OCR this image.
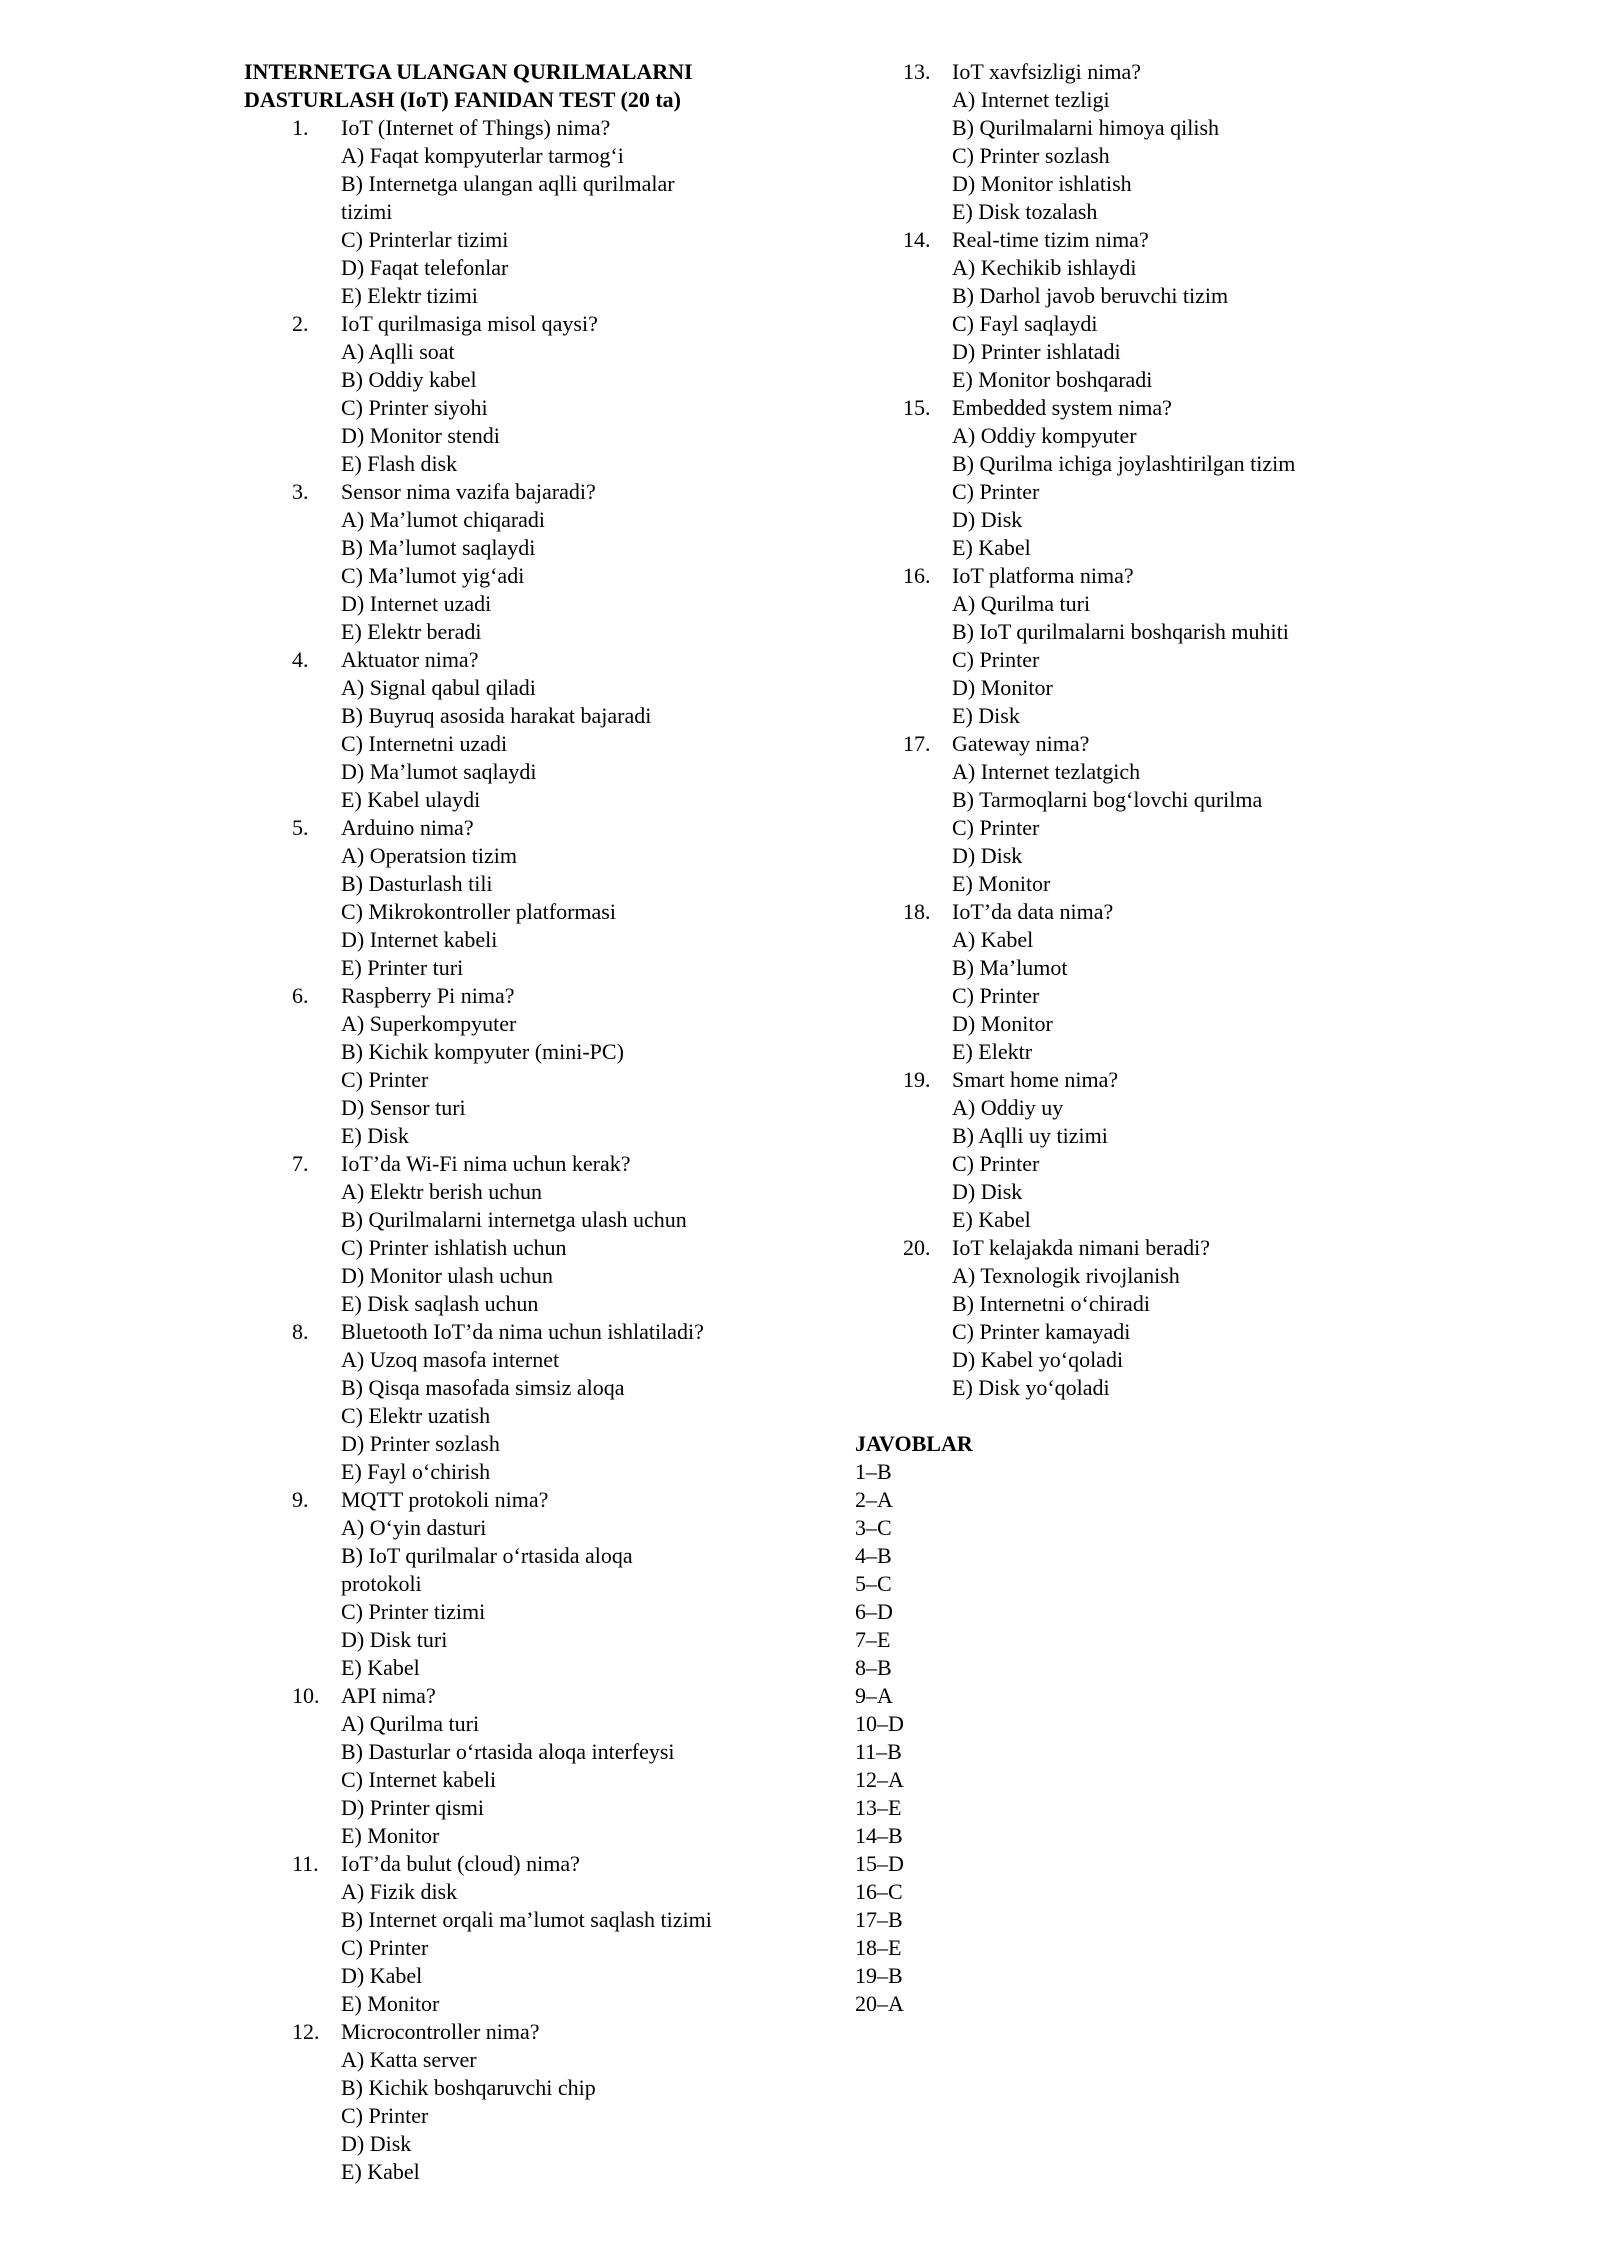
INTERNETGA ULANGAN QURILMALARNI
DASTURLASH (IoT) FANIDAN TEST (20 ta)
1. IoT (Internet of Things) nima?
A) Faqat kompyuterlar tarmog‘i
B) Internetga ulangan aqlli qurilmalar
tizimi
C) Printerlar tizimi
D) Faqat telefonlar
E) Elektr tizimi
2. IoT qurilmasiga misol qaysi?
A) Aqlli soat
B) Oddiy kabel
C) Printer siyohi
D) Monitor stendi
E) Flash disk
3. Sensor nima vazifa bajaradi?
A) Ma’lumot chiqaradi
B) Ma’lumot saqlaydi
C) Ma’lumot yig‘adi
D) Internet uzadi
E) Elektr beradi
4. Aktuator nima?
A) Signal qabul qiladi
B) Buyruq asosida harakat bajaradi
C) Internetni uzadi
D) Ma’lumot saqlaydi
E) Kabel ulaydi
5. Arduino nima?
A) Operatsion tizim
B) Dasturlash tili
C) Mikrokontroller platformasi
D) Internet kabeli
E) Printer turi
6. Raspberry Pi nima?
A) Superkompyuter
B) Kichik kompyuter (mini-PC)
C) Printer
D) Sensor turi
E) Disk
7. IoT’da Wi-Fi nima uchun kerak?
A) Elektr berish uchun
B) Qurilmalarni internetga ulash uchun
C) Printer ishlatish uchun
D) Monitor ulash uchun
E) Disk saqlash uchun
8. Bluetooth IoT’da nima uchun ishlatiladi?
A) Uzoq masofa internet
B) Qisqa masofada simsiz aloqa
C) Elektr uzatish
D) Printer sozlash
E) Fayl o‘chirish
9. MQTT protokoli nima?
A) O‘yin dasturi
B) IoT qurilmalar o‘rtasida aloqa
protokoli
C) Printer tizimi
D) Disk turi
E) Kabel
10. API nima?
A) Qurilma turi
B) Dasturlar o‘rtasida aloqa interfeysi
C) Internet kabeli
D) Printer qismi
E) Monitor
11. IoT’da bulut (cloud) nima?
A) Fizik disk
B) Internet orqali ma’lumot saqlash tizimi
C) Printer
D) Kabel
E) Monitor
12. Microcontroller nima?
A) Katta server
B) Kichik boshqaruvchi chip
C) Printer
D) Disk
E) Kabel
13. IoT xavfsizligi nima?
A) Internet tezligi
B) Qurilmalarni himoya qilish
C) Printer sozlash
D) Monitor ishlatish
E) Disk tozalash
14. Real-time tizim nima?
A) Kechikib ishlaydi
B) Darhol javob beruvchi tizim
C) Fayl saqlaydi
D) Printer ishlatadi
E) Monitor boshqaradi
15. Embedded system nima?
A) Oddiy kompyuter
B) Qurilma ichiga joylashtirilgan tizim
C) Printer
D) Disk
E) Kabel
16. IoT platforma nima?
A) Qurilma turi
B) IoT qurilmalarni boshqarish muhiti
C) Printer
D) Monitor
E) Disk
17. Gateway nima?
A) Internet tezlatgich
B) Tarmoqlarni bog‘lovchi qurilma
C) Printer
D) Disk
E) Monitor
18. IoT’da data nima?
A) Kabel
B) Ma’lumot
C) Printer
D) Monitor
E) Elektr
19. Smart home nima?
A) Oddiy uy
B) Aqlli uy tizimi
C) Printer
D) Disk
E) Kabel
20. IoT kelajakda nimani beradi?
A) Texnologik rivojlanish
B) Internetni o‘chiradi
C) Printer kamayadi
D) Kabel yo‘qoladi
E) Disk yo‘qoladi
JAVOBLAR
1–B
2–A
3–C
4–B
5–C
6–D
7–E
8–B
9–A
10–D
11–B
12–A
13–E
14–B
15–D
16–C
17–B
18–E
19–B
20–A
